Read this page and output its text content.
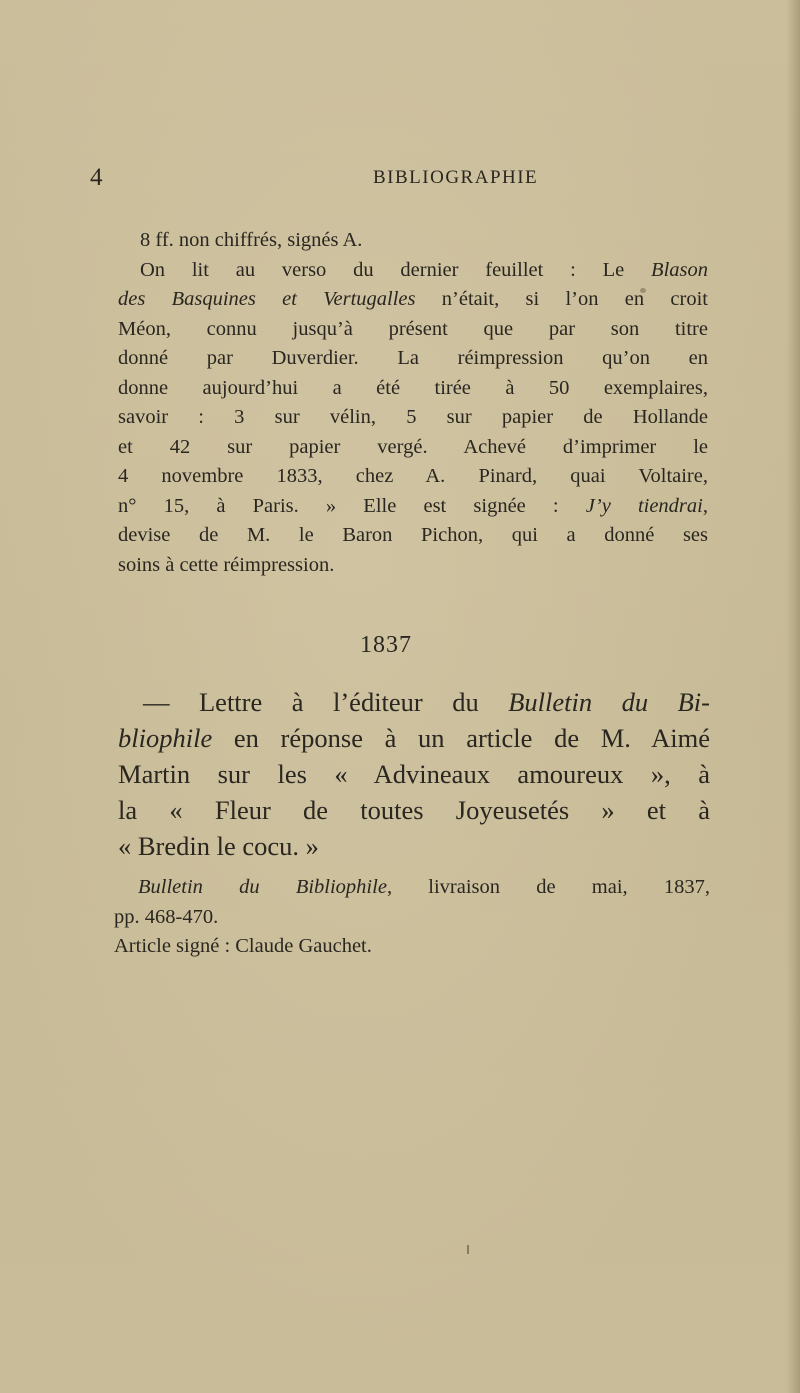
4	BIBLIOGRAPHIE
8 ff. non chiffrés, signés A.
On lit au verso du dernier feuillet : Le Blason
des Basquines et Vertugalles n’était, si l’on en croit
Méon, connu jusqu’à présent que par son titre
donné par Duverdier. La réimpression qu’on en
donne aujourd’hui a été tirée à 50 exemplaires,
savoir : 3 sur vélin, 5 sur papier de Hollande
et 42 sur papier vergé. Achevé d’imprimer le
4 novembre 1833, chez A. Pinard, quai Voltaire,
n° 15, à Paris. » Elle est signée : J’y tiendrai,
devise de M. le Baron Pichon, qui a donné ses
soins à cette réimpression.
1837
— Lettre à l’éditeur du Bulletin du Bi-
bliophile en réponse à un article de M. Aimé
Martin sur les « Advineaux amoureux », à
la « Fleur de toutes Joyeusetés » et à
« Bredin le cocu. »
Bulletin du Bibliophile, livraison de mai, 1837,
pp. 468-470.
Article signé : Claude Gauchet.
